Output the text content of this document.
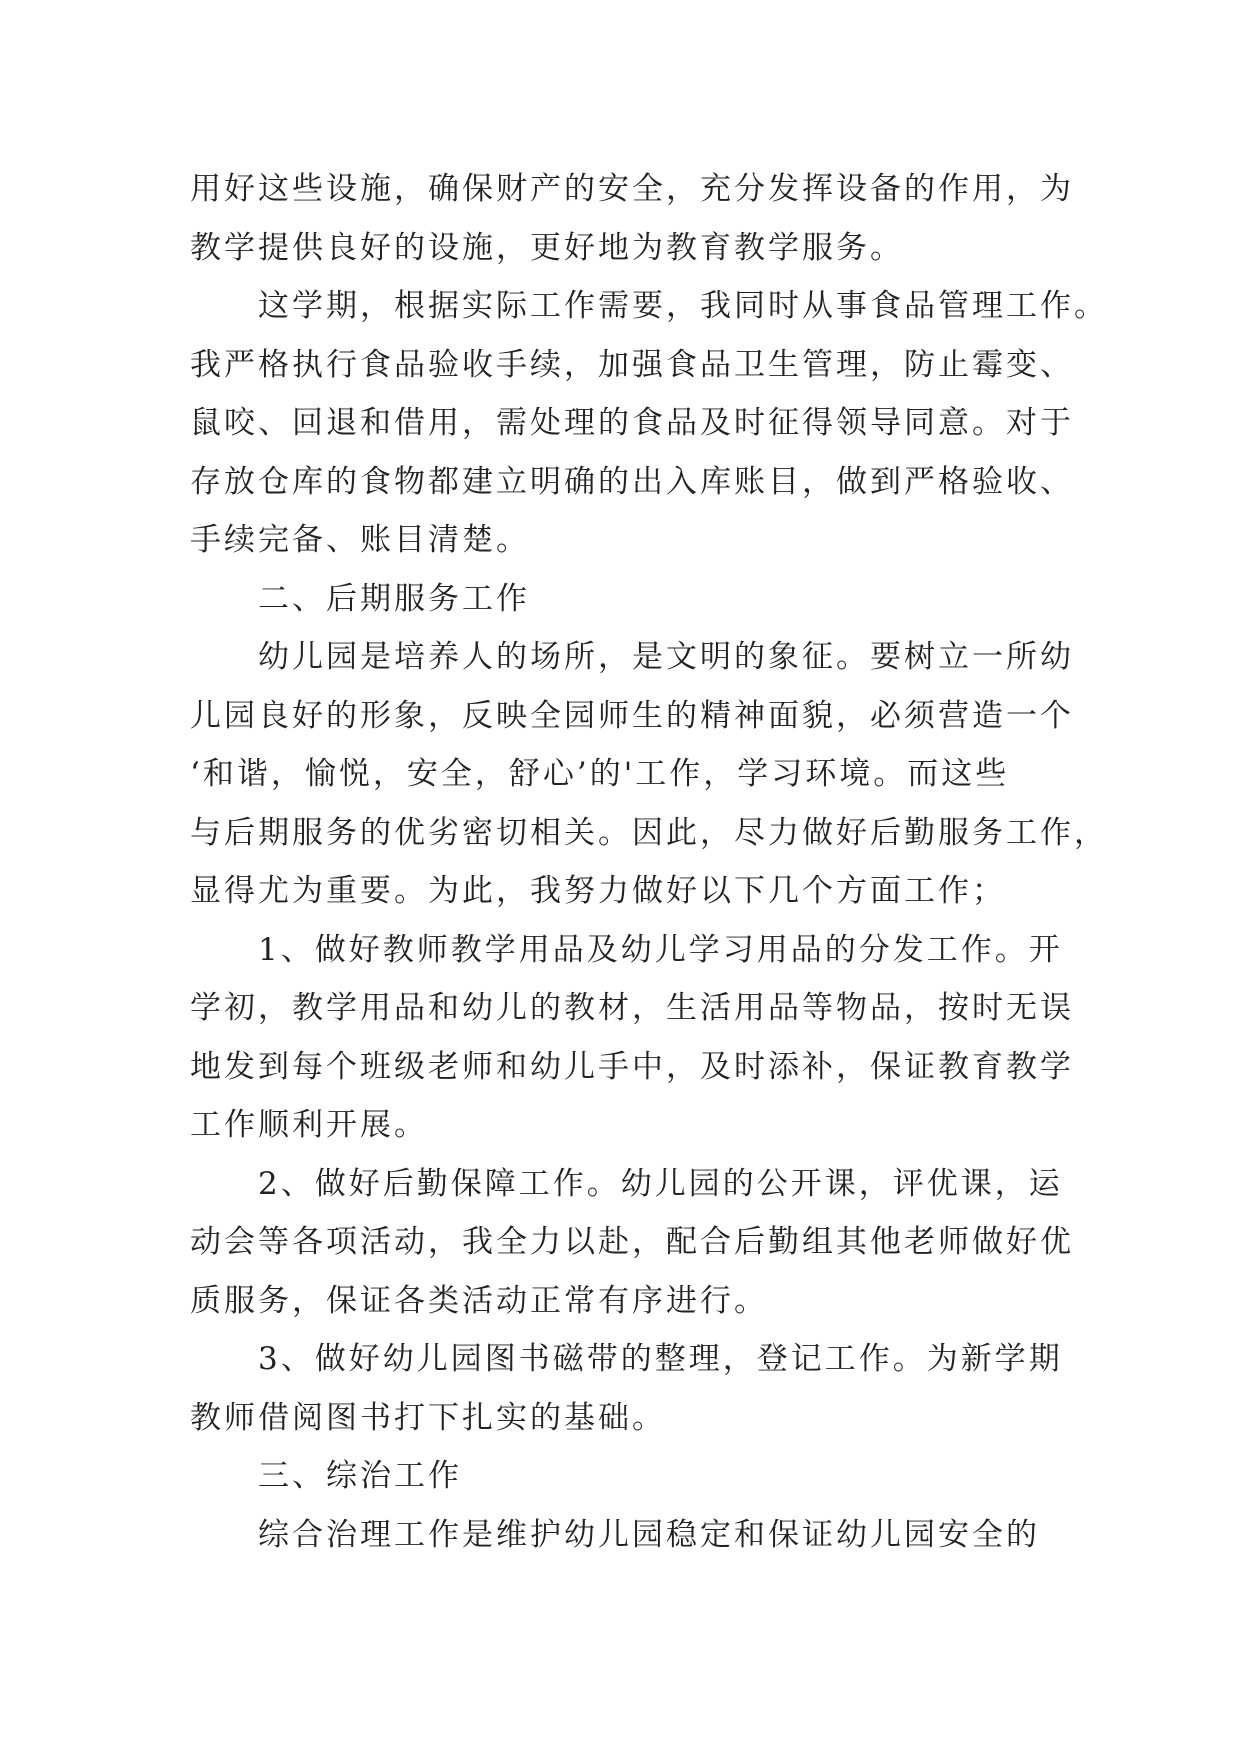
用好这些设施，确保财产的安全，充分发挥设备的作用，为
教学提供良好的设施，更好地为教育教学服务。
这学期，根据实际工作需要，我同时从事食品管理工作。
我严格执行食品验收手续，加强食品卫生管理，防止霉变、
鼠咬、回退和借用，需处理的食品及时征得领导同意。对于
存放仓库的食物都建立明确的出入库账目，做到严格验收、
手续完备、账目清楚。
二、后期服务工作
幼儿园是培养人的场所，是文明的象征。要树立一所幼
儿园良好的形象，反映全园师生的精神面貌，必须营造一个
‘和谐，愉悦，安全，舒心’的'工作，学习环境。而这些
与后期服务的优劣密切相关。因此，尽力做好后勤服务工作，
显得尤为重要。为此，我努力做好以下几个方面工作；
1、做好教师教学用品及幼儿学习用品的分发工作。开
学初，教学用品和幼儿的教材，生活用品等物品，按时无误
地发到每个班级老师和幼儿手中，及时添补，保证教育教学
工作顺利开展。
2、做好后勤保障工作。幼儿园的公开课，评优课，运
动会等各项活动，我全力以赴，配合后勤组其他老师做好优
质服务，保证各类活动正常有序进行。
3、做好幼儿园图书磁带的整理，登记工作。为新学期
教师借阅图书打下扎实的基础。
三、综治工作
综合治理工作是维护幼儿园稳定和保证幼儿园安全的
